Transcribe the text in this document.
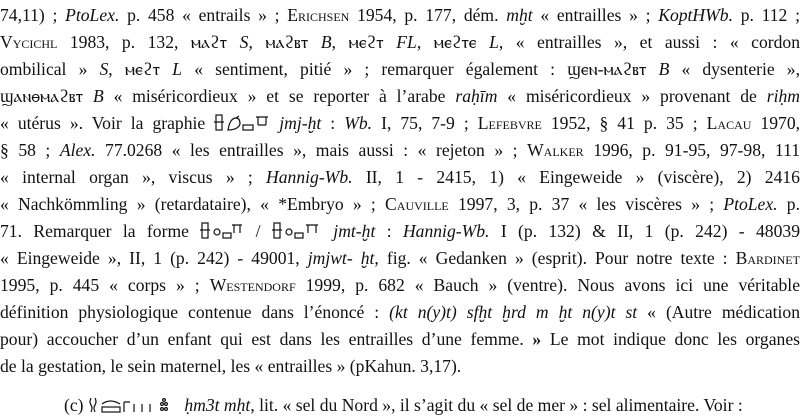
74,11) ; PtoLex. p. 458 « entrails » ; Erichsen 1954, p. 177, dém. mḫt « entrailles » ; KoptHWb. p. 112 ;
Vycichl 1983, p. 132, ⲙⲁϩⲧ S, ⲙⲁϩⲃⲧ B, ⲙⲉϩⲧ FL, ⲙⲉϩⲧⲉ L, « entrailles », et aussi : « cordon
ombilical » S, ⲙⲉϩⲧ L « sentiment, pitié » ; remarquer également : ϣⲉⲛ-ⲙⲁϩⲃⲧ B « dysenterie »,
ϣⲁⲛⲑⲙⲁϩⲃⲧ B « miséricordieux » et se reporter à l’arabe raḥīm « miséricordieux » provenant de riḥm
« utérus ». Voir la graphie	jmj-ḫt : Wb. I, 75, 7-9 ; Lefebvre 1952, § 41 p. 35 ; Lacau 1970,
§ 58 ; Alex. 77.0268 « les entrailles », mais aussi : « rejeton » ; Walker 1996, p. 91-95, 97-98, 111
« internal organ », viscus » ; Hannig-Wb. II, 1 - 2415, 1) « Eingeweide » (viscère), 2) 2416
« Nachkömmling » (retardataire), « *Embryo » ; Cauville 1997, 3, p. 37 « les viscères » ; PtoLex. p.
71. Remarquer la forme	/	jmt-ḫt : Hannig-Wb. I (p. 132) & II, 1 (p. 242) - 48039
« Eingeweide », II, 1 (p. 242) - 49001, jmjwt- ḫt, fig. « Gedanken » (esprit). Pour notre texte : Bardinet
1995, p. 445 « corps » ; Westendorf 1999, p. 682 « Bauch » (ventre). Nous avons ici une véritable
définition physiologique contenue dans l’énoncé : (kt n(y)t) sfḫt ḫrd m ḫt n(y)t st « (Autre médication
pour) accoucher d’un enfant qui est dans les entrailles d’une femme. » Le mot indique donc les organes
de la gestation, le sein maternel, les « entrailles » (pKahun. 3,17).
(c)	ḥm3t mḥt, lit. « sel du Nord », il s’agit du « sel de mer » : sel alimentaire. Voir :
